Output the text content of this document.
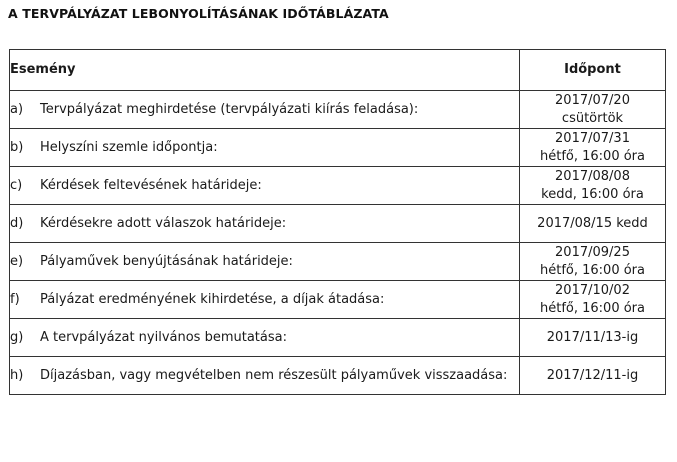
A TERVPÁLYÁZAT LEBONYOLÍTÁSÁNAK IDŐTÁBLÁZATA
Esemény	Időpont

a) Tervpályázat meghirdetése (tervpályázati kiírás feladása):	2017/07/20
csütörtök

b) Helyszíni szemle időpontja:	2017/07/31
hétfő, 16:00 óra

c) Kérdések feltevésének határideje:	2017/08/08
kedd, 16:00 óra

d) Kérdésekre adott válaszok határideje:	2017/08/15 kedd

e) Pályaművek benyújtásának határideje:	2017/09/25
hétfő, 16:00 óra

f) Pályázat eredményének kihirdetése, a díjak átadása:	2017/10/02
hétfő, 16:00 óra

g) A tervpályázat nyilvános bemutatása:	2017/11/13-ig

h) Díjazásban, vagy megvételben nem részesült pályaművek visszaadása:	2017/12/11-ig
